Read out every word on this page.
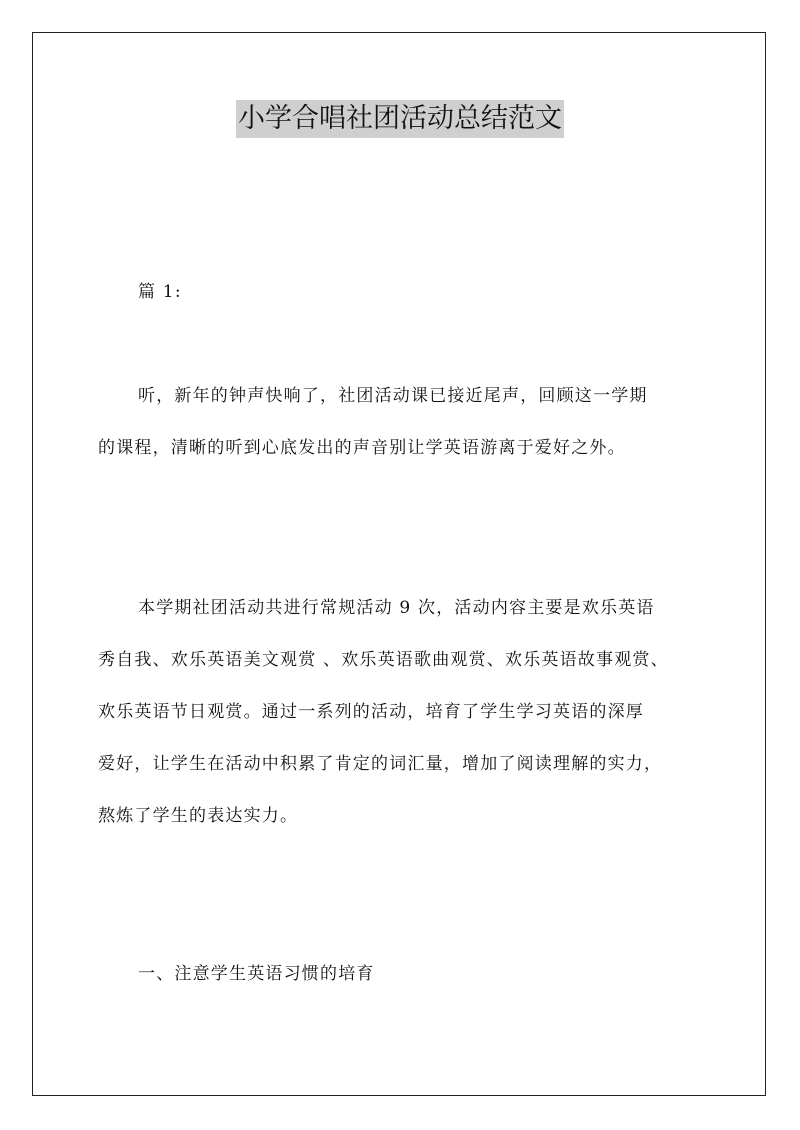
小学合唱社团活动总结范文
篇 1:
听，新年的钟声快响了，社团活动课已接近尾声，回顾这一学期
的课程，清晰的听到心底发出的声音别让学英语游离于爱好之外。
本学期社团活动共进行常规活动 9 次，活动内容主要是欢乐英语
秀自我、欢乐英语美文观赏 、欢乐英语歌曲观赏、欢乐英语故事观赏、
欢乐英语节日观赏。通过一系列的活动，培育了学生学习英语的深厚
爱好，让学生在活动中积累了肯定的词汇量，增加了阅读理解的实力，
熬炼了学生的表达实力。
一、注意学生英语习惯的培育
